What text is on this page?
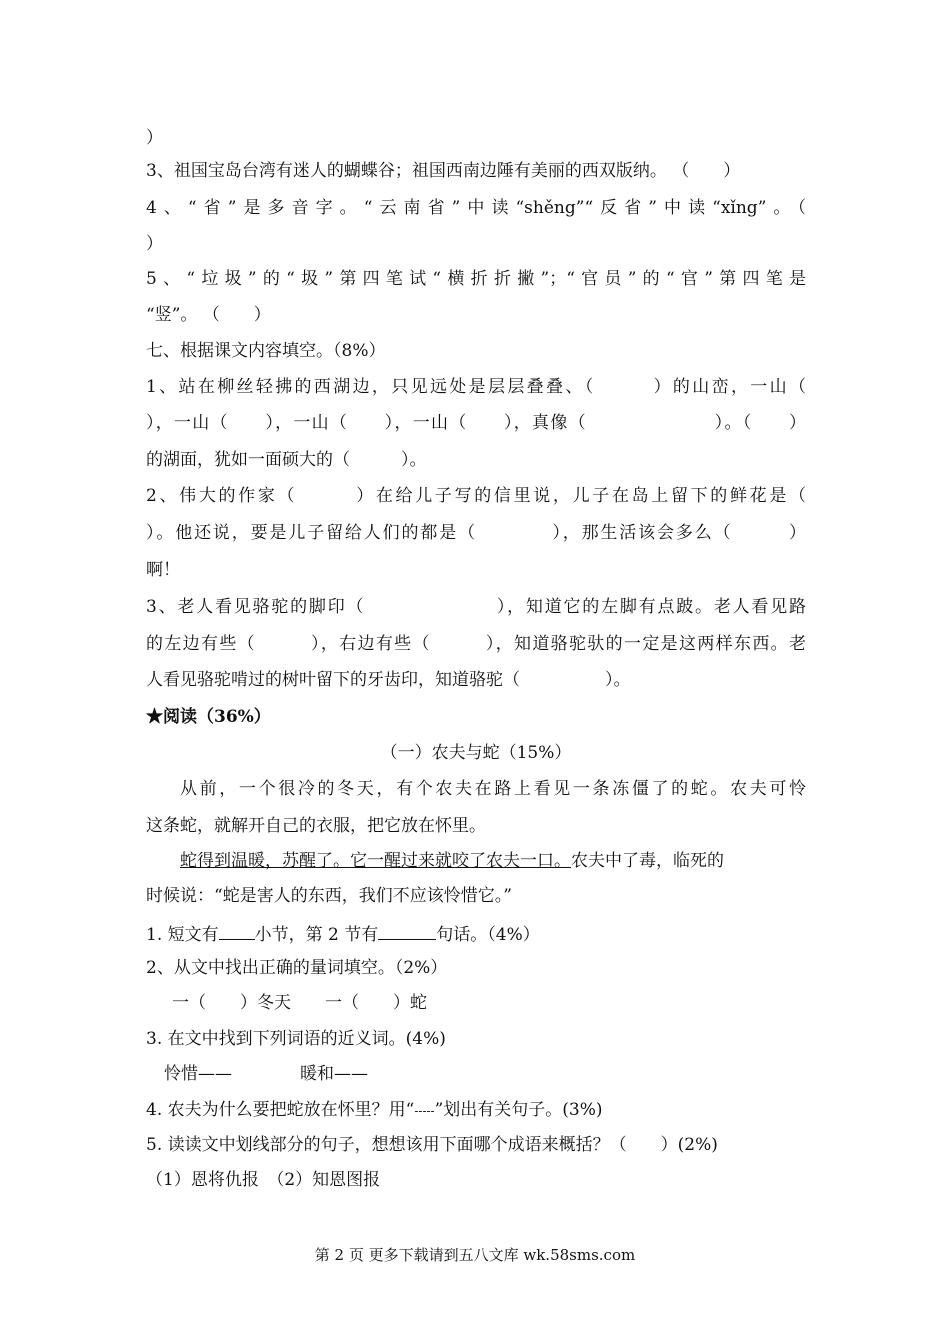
）
3、祖国宝岛台湾有迷人的蝴蝶谷；祖国西南边陲有美丽的西双版纳。 （　　）
4、“省”是多音字。“云南省”中读“shěng”“反省”中读“xǐng”。（
）
5、“垃圾”的“圾”第四笔试“横折折撇”；“官员”的“官”第四笔是
“竖”。 （　　）
七、根据课文内容填空。（8%）
1、站在柳丝轻拂的西湖边，只见远处是层层叠叠、（　　　）的山峦，一山（
），一山（　　），一山（　　），一山（　　），真像（　　　　　　　）。（　　）
的湖面，犹如一面硕大的（　　　）。
2、伟大的作家（　　　）在给儿子写的信里说，儿子在岛上留下的鲜花是（
）。他还说，要是儿子留给人们的都是（　　　　），那生活该会多么（　　　）
啊！
3、老人看见骆驼的脚印（　　　　　　　），知道它的左脚有点跛。老人看见路
的左边有些（　　　），右边有些（　　　），知道骆驼驮的一定是这两样东西。老
人看见骆驼啃过的树叶留下的牙齿印，知道骆驼（　　　　　）。
★阅读（36%）
（一）农夫与蛇（15%）
从前，一个很冷的冬天，有个农夫在路上看见一条冻僵了的蛇。农夫可怜
这条蛇，就解开自己的衣服，把它放在怀里。
蛇得到温暖，苏醒了。它一醒过来就咬了农夫一口。农夫中了毒，临死的
时候说：“蛇是害人的东西，我们不应该怜惜它。”
1. 短文有 小节，第 2 节有	句话。（4%）
2、从文中找出正确的量词填空。（2%）
一（　　）冬天　　一（　　）蛇
3. 在文中找到下列词语的近义词。(4%)
怜惜——　　　　暖和——
4. 农夫为什么要把蛇放在怀里？用“-----”划出有关句子。(3%)
5. 读读文中划线部分的句子，想想该用下面哪个成语来概括？（　　）(2%)
（1）恩将仇报　（2）知恩图报
第 2 页 更多下载请到五八文库 wk.58sms.com
